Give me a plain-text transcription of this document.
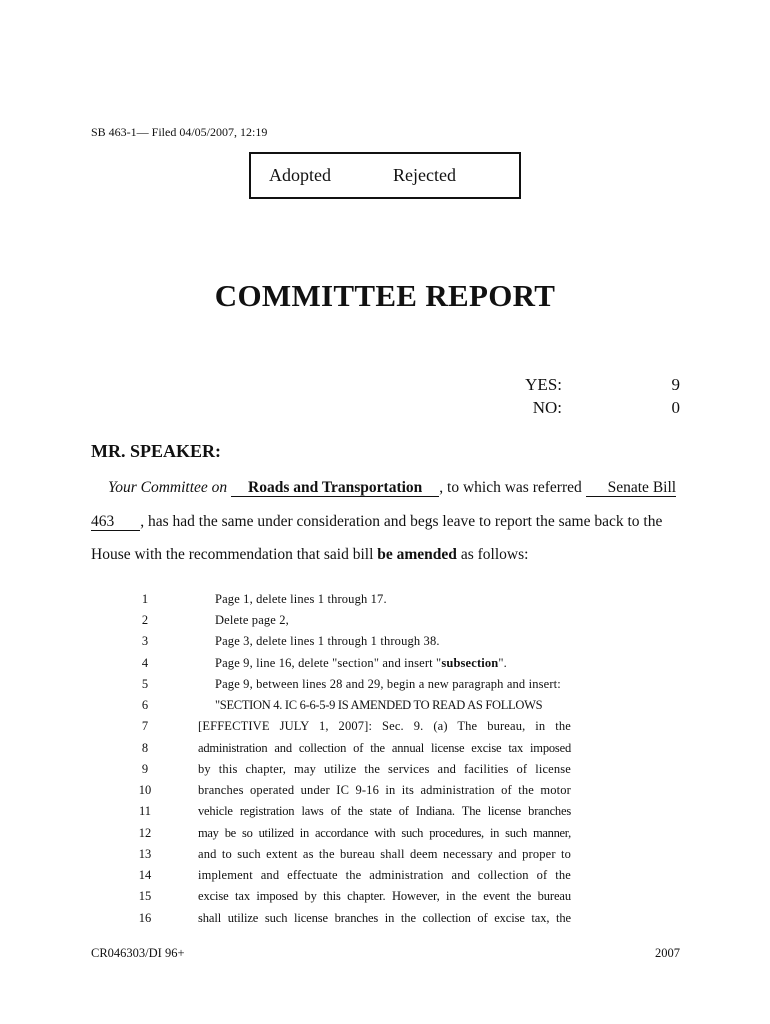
SB 463-1— Filed 04/05/2007, 12:19
Adopted	Rejected
COMMITTEE REPORT
YES:	9
NO:	0
MR. SPEAKER:
Your Committee on Roads and Transportation , to which was referred Senate Bill
463 , has had the same under consideration and begs leave to report the same back to the
House with the recommendation that said bill be amended as follows:
1	Page 1, delete lines 1 through 17.
2	Delete page 2,
3	Page 3, delete lines 1 through 1 through 38.
4	Page 9, line 16, delete "section" and insert "subsection".
5	Page 9, between lines 28 and 29, begin a new paragraph and insert:
6	"SECTION 4. IC 6-6-5-9 IS AMENDED TO READ AS FOLLOWS
7	[EFFECTIVE JULY 1, 2007]: Sec. 9. (a) The bureau, in the
8	administration and collection of the annual license excise tax imposed
9	by this chapter, may utilize the services and facilities of license
10	branches operated under IC 9-16 in its administration of the motor
11	vehicle registration laws of the state of Indiana. The license branches
12	may be so utilized in accordance with such procedures, in such manner,
13	and to such extent as the bureau shall deem necessary and proper to
14	implement and effectuate the administration and collection of the
15	excise tax imposed by this chapter. However, in the event the bureau
16	shall utilize such license branches in the collection of excise tax, the
CR046303/DI 96+	2007
